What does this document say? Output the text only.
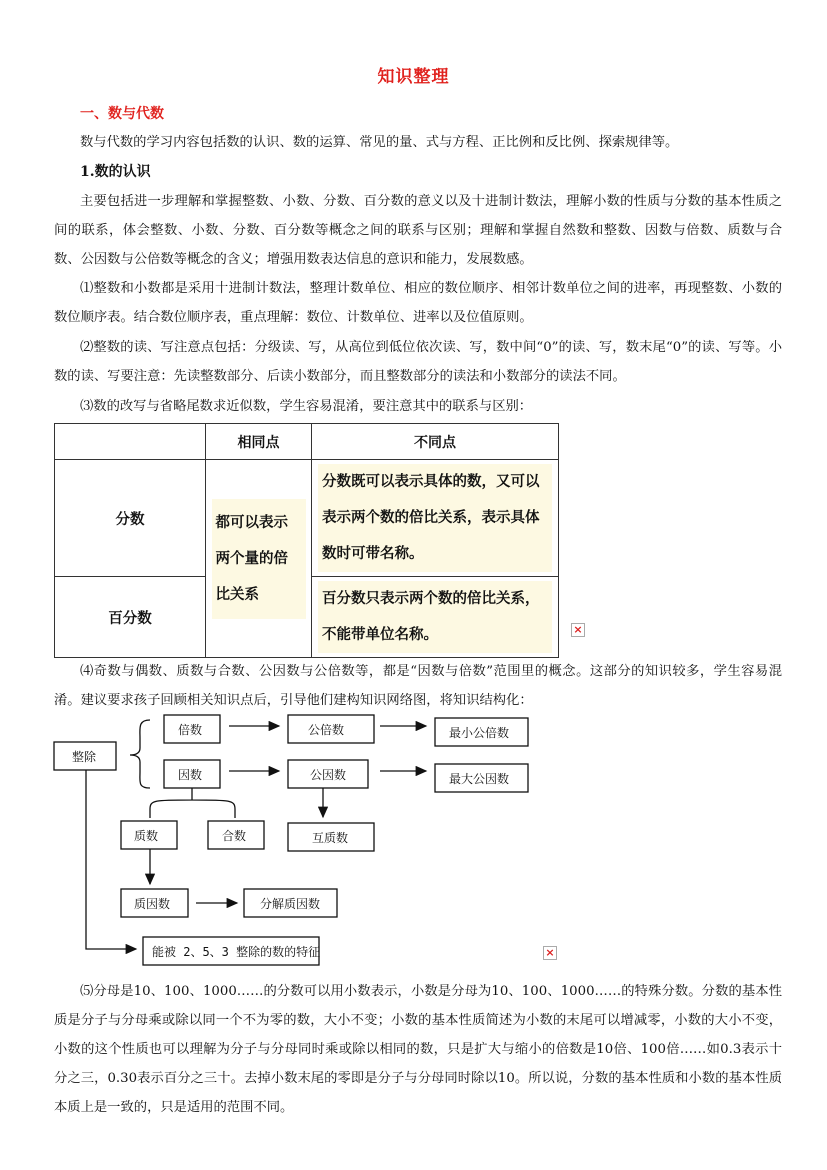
知识整理
一、数与代数

数与代数的学习内容包括数的认识、数的运算、常见的量、式与方程、正比例和反比例、探索规律等。

1.数的认识

主要包括进一步理解和掌握整数、小数、分数、百分数的意义以及十进制计数法，理解小数的性质与分数的基本性质之间的联系，体会整数、小数、分数、百分数等概念之间的联系与区别；理解和掌握自然数和整数、因数与倍数、质数与合数、公因数与公倍数等概念的含义；增强用数表达信息的意识和能力，发展数感。

⑴整数和小数都是采用十进制计数法，整理计数单位、相应的数位顺序、相邻计数单位之间的进率，再现整数、小数的数位顺序表。结合数位顺序表，重点理解：数位、计数单位、进率以及位值原则。

⑵整数的读、写注意点包括：分级读、写，从高位到低位依次读、写，数中间“0”的读、写，数末尾“0”的读、写等。小数的读、写要注意：先读整数部分、后读小数部分，而且整数部分的读法和小数部分的读法不同。

⑶数的改写与省略尾数求近似数，学生容易混淆，要注意其中的联系与区别：

	相同点	不同点
分数	都可以表示两个量的倍比关系	分数既可以表示具体的数，又可以表示两个数的倍比关系，表示具体数时可带名称。

百分数		百分数只表示两个数的倍比关系，不能带单位名称。	×

⑷奇数与偶数、质数与合数、公因数与公倍数等，都是“因数与倍数”范围里的概念。这部分的知识较多，学生容易混淆。建议要求孩子回顾相关知识点后，引导他们建构知识网络图，将知识结构化：

整除
倍数	公倍数	最小公倍数
因数	公因数	最大公因数
质数	合数	互质数
质因数	分解质因数
能被 2、5、3 整除的数的特征	×

⑸分母是10、100、1000……的分数可以用小数表示，小数是分母为10、100、1000……的特殊分数。分数的基本性质是分子与分母乘或除以同一个不为零的数，大小不变；小数的基本性质简述为小数的末尾可以增减零，小数的大小不变，小数的这个性质也可以理解为分子与分母同时乘或除以相同的数，只是扩大与缩小的倍数是10倍、100倍……如0.3表示十分之三，0.30表示百分之三十。去掉小数末尾的零即是分子与分母同时除以10。所以说，分数的基本性质和小数的基本性质本质上是一致的，只是适用的范围不同。
